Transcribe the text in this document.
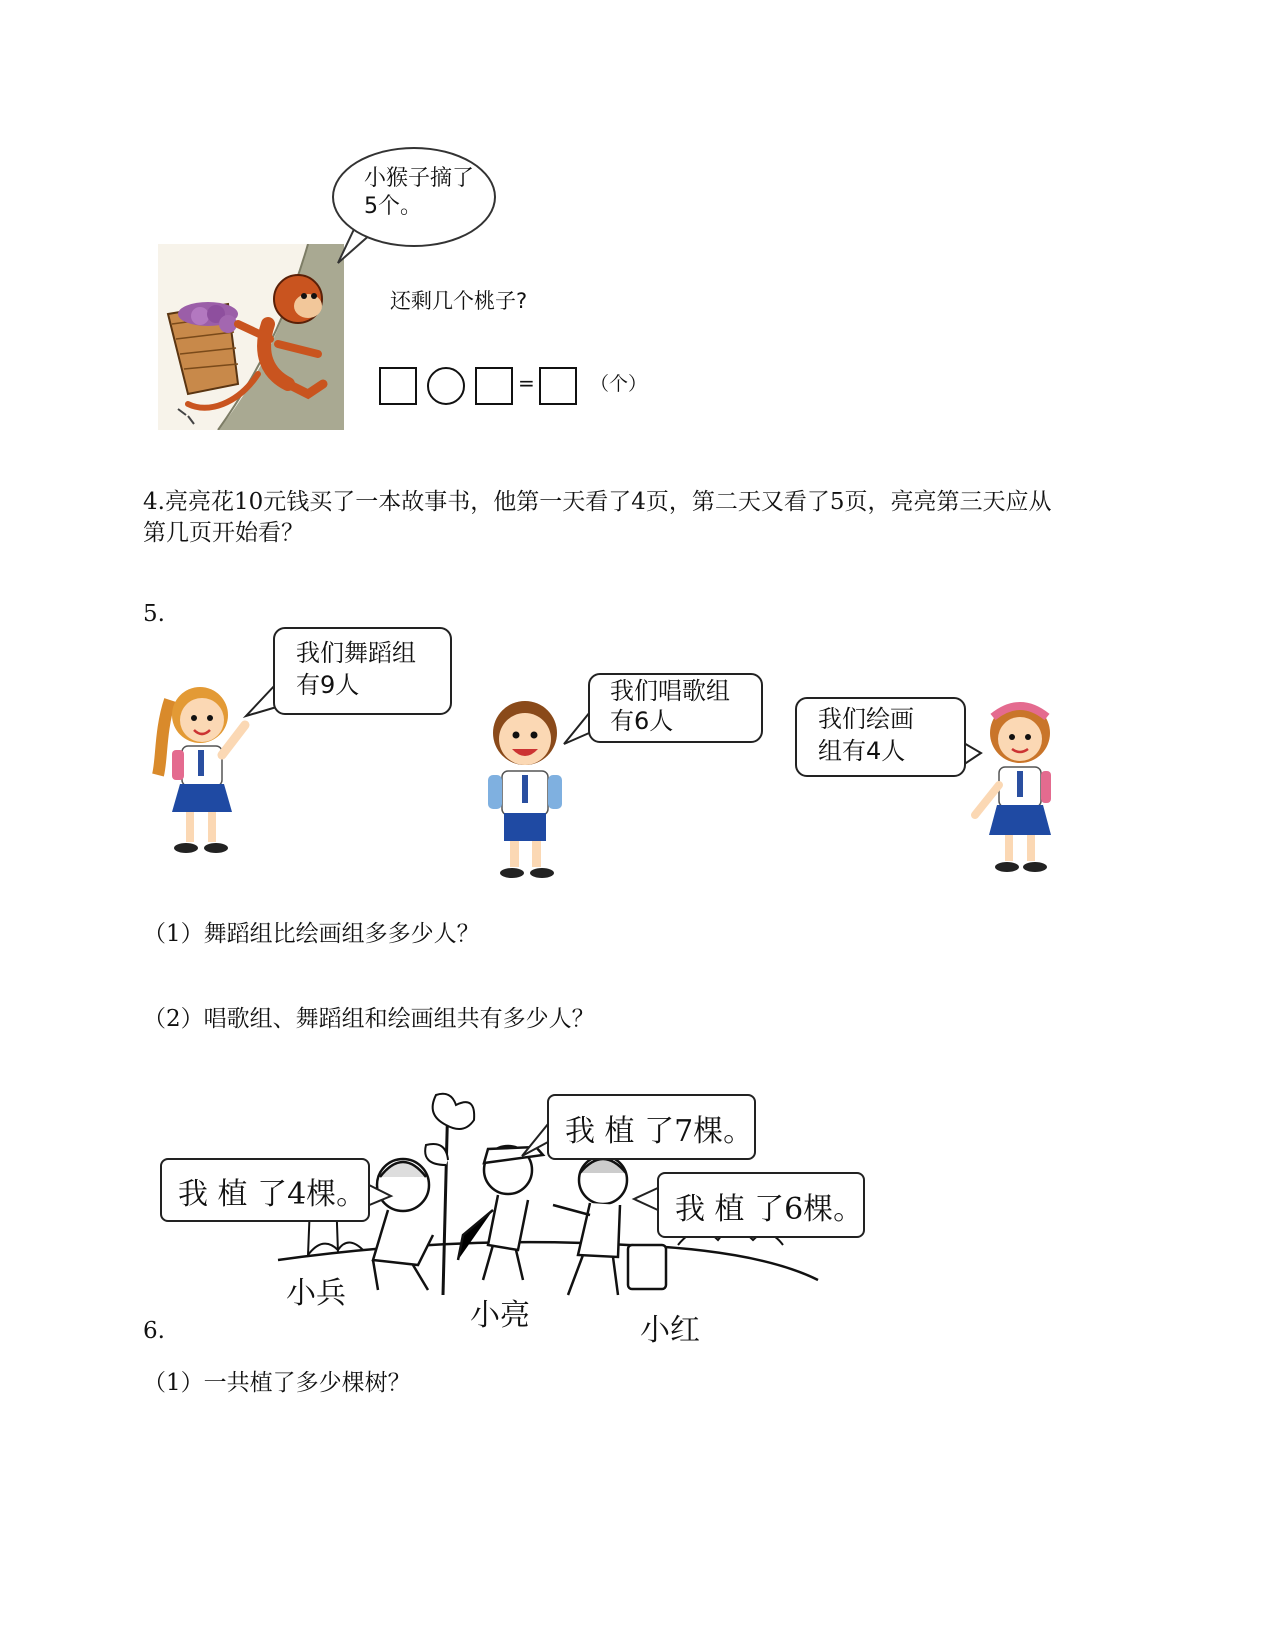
小猴子摘了5个。
还剩几个桃子?
=	（个）
4.亮亮花10元钱买了一本故事书，他第一天看了4页，第二天又看了5页，亮亮第三天应从
第几页开始看？
5.
我们舞蹈组
有9人	我们唱歌组
有6人	我们绘画
组有4人
（1）舞蹈组比绘画组多多少人？
（2）唱歌组、舞蹈组和绘画组共有多少人？
我 植 了4棵。
我 植 了7棵。
我 植 了6棵。
小兵
小亮	小红
6.
（1）一共植了多少棵树？
